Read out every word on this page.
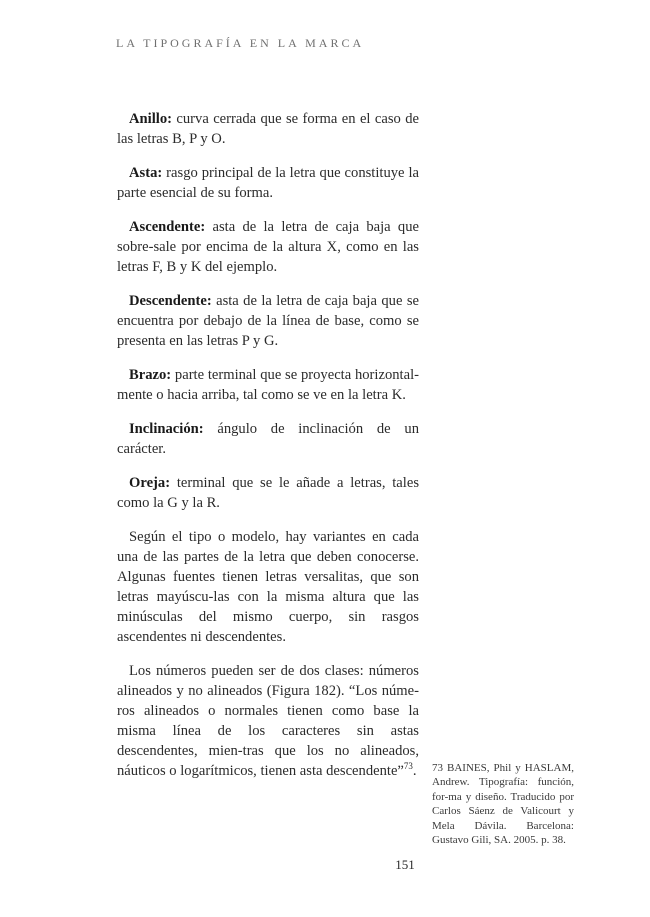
LA TIPOGRAFÍA EN LA MARCA

Anillo: curva cerrada que se forma en el caso de las letras B, P y O.

Asta: rasgo principal de la letra que constituye la parte esencial de su forma.

Ascendente: asta de la letra de caja baja que sobre-sale por encima de la altura X, como en las letras F, B y K del ejemplo.

Descendente: asta de la letra de caja baja que se encuentra por debajo de la línea de base, como se presenta en las letras P y G.

Brazo: parte terminal que se proyecta horizontal-mente o hacia arriba, tal como se ve en la letra K.

Inclinación: ángulo de inclinación de un carácter.

Oreja: terminal que se le añade a letras, tales como la G y la R.

Según el tipo o modelo, hay variantes en cada una de las partes de la letra que deben conocerse. Algunas fuentes tienen letras versalitas, que son letras mayúscu-las con la misma altura que las minúsculas del mismo cuerpo, sin rasgos ascendentes ni descendentes.

Los números pueden ser de dos clases: números alineados y no alineados (Figura 182). “Los núme-ros alineados o normales tienen como base la misma línea de los caracteres sin astas descendentes, mien-tras que los no alineados, náuticos o logarítmicos, tienen asta descendente”$^{73}$. 73 BAINES, Phil y HASLAM, Andrew. Tipografía: función, for-ma y diseño. Traducido por Carlos Sáenz de Valicourt y Mela Dávila. Barcelona: Gustavo Gili, SA. 2005. p. 38.

151
